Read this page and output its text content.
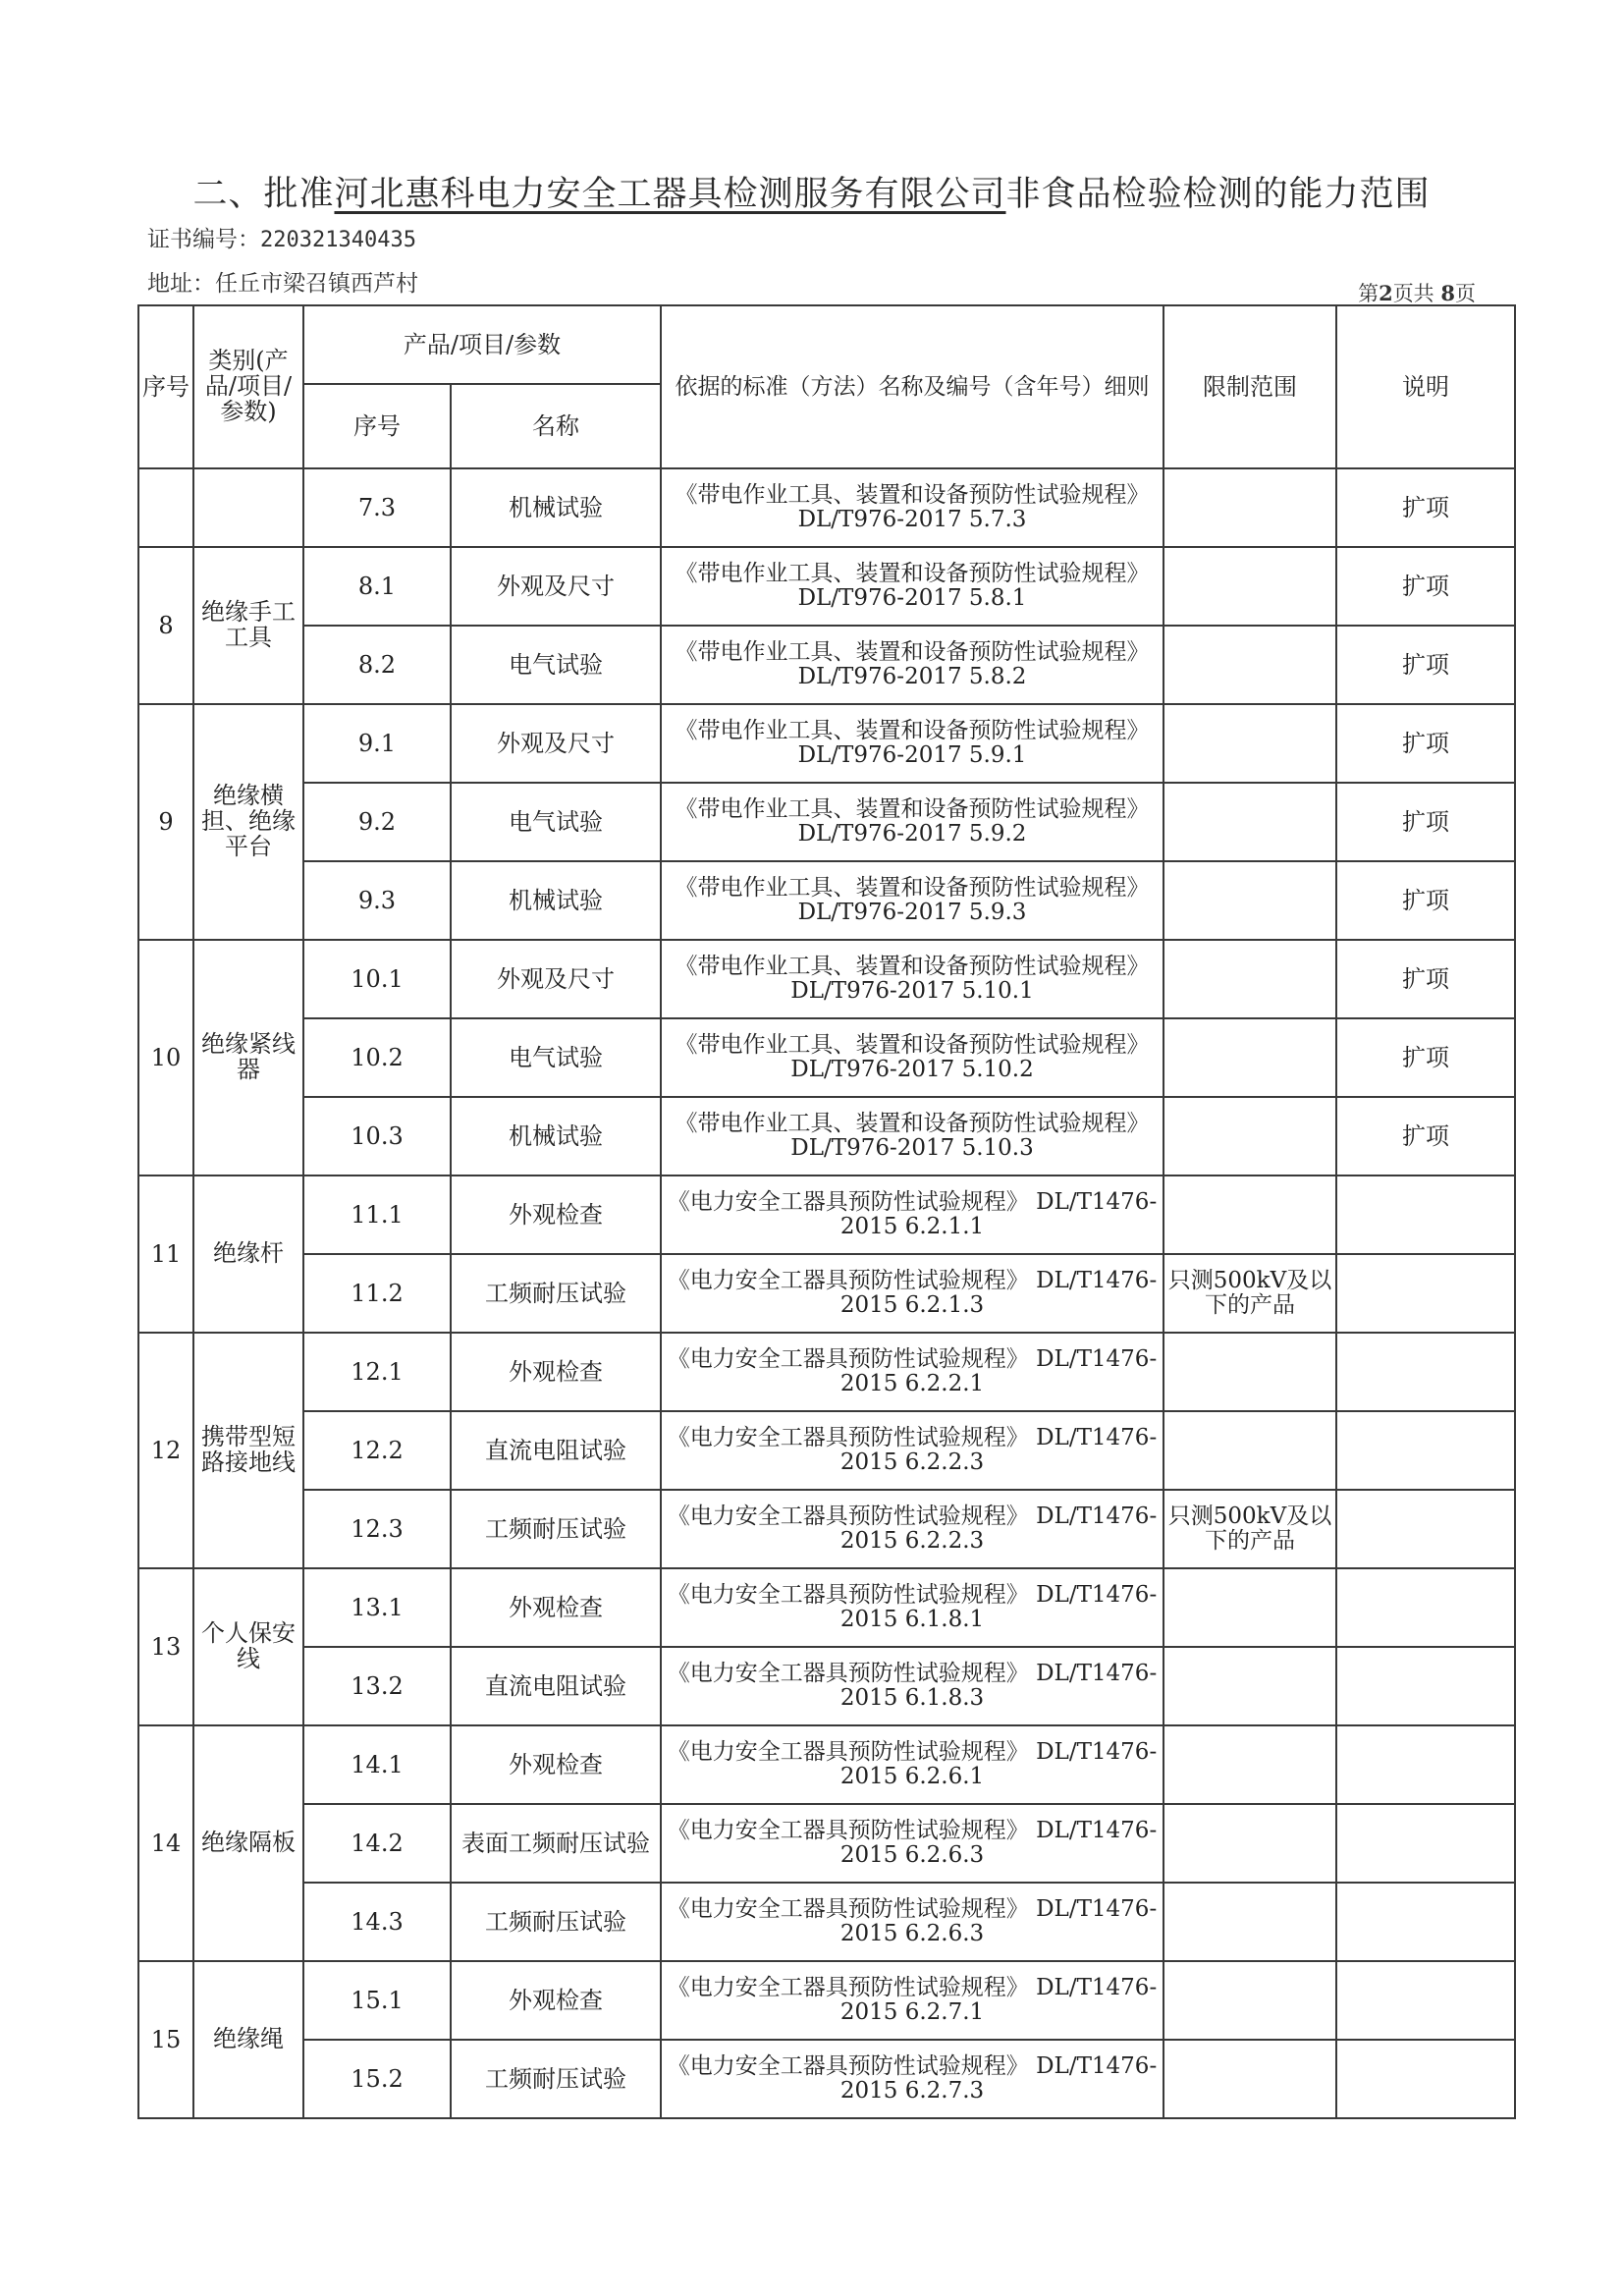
二、批准河北惠科电力安全工器具检测服务有限公司非食品检验检测的能力范围
证书编号：220321340435
地址：任丘市梁召镇西芦村	第2页共 8页
序号	类别(产品/项目/参数)	产品/项目/参数		依据的标准（方法）名称及编号（含年号）细则	限制范围	说明
		序号	名称			
		7.3	机械试验	《带电作业工具、装置和设备预防性试验规程》 DL/T976-2017 5.7.3		扩项
8	绝缘手工工具	8.1	外观及尺寸	《带电作业工具、装置和设备预防性试验规程》 DL/T976-2017 5.8.1		扩项
		8.2	电气试验	《带电作业工具、装置和设备预防性试验规程》 DL/T976-2017 5.8.2		扩项
9	绝缘横担、绝缘平台	9.1	外观及尺寸	《带电作业工具、装置和设备预防性试验规程》 DL/T976-2017 5.9.1		扩项
		9.2	电气试验	《带电作业工具、装置和设备预防性试验规程》 DL/T976-2017 5.9.2		扩项
		9.3	机械试验	《带电作业工具、装置和设备预防性试验规程》 DL/T976-2017 5.9.3		扩项
10	绝缘紧线器	10.1	外观及尺寸	《带电作业工具、装置和设备预防性试验规程》 DL/T976-2017 5.10.1		扩项
		10.2	电气试验	《带电作业工具、装置和设备预防性试验规程》 DL/T976-2017 5.10.2		扩项
		10.3	机械试验	《带电作业工具、装置和设备预防性试验规程》 DL/T976-2017 5.10.3		扩项
11	绝缘杆	11.1	外观检查	《电力安全工器具预防性试验规程》 DL/T1476-2015 6.2.1.1		
		11.2	工频耐压试验	《电力安全工器具预防性试验规程》 DL/T1476-2015 6.2.1.3	只测500kV及以下的产品	
12	携带型短路接地线	12.1	外观检查	《电力安全工器具预防性试验规程》 DL/T1476-2015 6.2.2.1		
		12.2	直流电阻试验	《电力安全工器具预防性试验规程》 DL/T1476-2015 6.2.2.3		
		12.3	工频耐压试验	《电力安全工器具预防性试验规程》 DL/T1476-2015 6.2.2.3	只测500kV及以下的产品	
13	个人保安线	13.1	外观检查	《电力安全工器具预防性试验规程》 DL/T1476-2015 6.1.8.1		
		13.2	直流电阻试验	《电力安全工器具预防性试验规程》 DL/T1476-2015 6.1.8.3		
14	绝缘隔板	14.1	外观检查	《电力安全工器具预防性试验规程》 DL/T1476-2015 6.2.6.1		
		14.2	表面工频耐压试验	《电力安全工器具预防性试验规程》 DL/T1476-2015 6.2.6.3		
		14.3	工频耐压试验	《电力安全工器具预防性试验规程》 DL/T1476-2015 6.2.6.3		
15	绝缘绳	15.1	外观检查	《电力安全工器具预防性试验规程》 DL/T1476-2015 6.2.7.1		
		15.2	工频耐压试验	《电力安全工器具预防性试验规程》 DL/T1476-2015 6.2.7.3		
